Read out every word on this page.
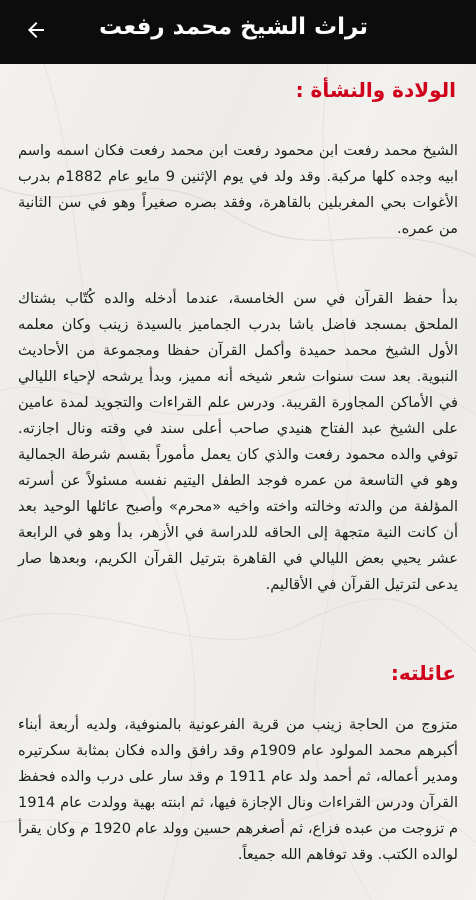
تراث الشيخ محمد رفعت
الولادة والنشأة :

الشيخ محمد رفعت ابن محمود رفعت ابن محمد رفعت فكان اسمه واسم ابيه وجده كلها مركبة. وقد ولد في يوم الإثنين 9 مايو عام 1882م بدرب الأغوات بحي المغربلين بالقاهرة، وفقد بصره صغيراً وهو في سن الثانية من عمره.

بدأ حفظ القرآن في سن الخامسة، عندما أدخله والده كُتّاب بشتاك الملحق بمسجد فاضل باشا بدرب الجماميز بالسيدة زينب وكان معلمه الأول الشيخ محمد حميدة وأكمل القرآن حفظا ومجموعة من الأحاديث النبوية. بعد ست سنوات شعر شيخه أنه مميز، وبدأ يرشحه لإحياء الليالي في الأماكن المجاورة القريبة. ودرس علم القراءات والتجويد لمدة عامين على الشيخ عبد الفتاح هنيدي صاحب أعلى سند في وقته ونال اجازته. توفي والده محمود رفعت والذي كان يعمل مأموراً بقسم شرطة الجمالية وهو في التاسعة من عمره فوجد الطفل اليتيم نفسه مسئولاً عن أسرته المؤلفة من والدته وخالته واخته واخيه «محرم» وأصبح عائلها الوحيد بعد أن كانت النية متجهة إلى الحاقه للدراسة في الأزهر، بدأ وهو في الرابعة عشر يحيي بعض الليالي في القاهرة بترتيل القرآن الكريم، وبعدها صار يدعى لترتيل القرآن في الأقاليم.

عائلته:

متزوج من الحاجة زينب من قرية الفرعونية بالمنوفية، ولديه أربعة أبناء أكبرهم محمد المولود عام 1909م وقد رافق والده فكان بمثابة سكرتيره ومدير أعماله، ثم أحمد ولد عام 1911 م وقد سار على درب والده فحفظ القرآن ودرس القراءات ونال الإجازة فيها، ثم ابنته بهية وولدت عام 1914 م تزوجت من عبده فزاع، ثم أصغرهم حسين وولد عام 1920 م وكان يقرأ لوالده الكتب. وقد توفاهم الله جميعاً.
